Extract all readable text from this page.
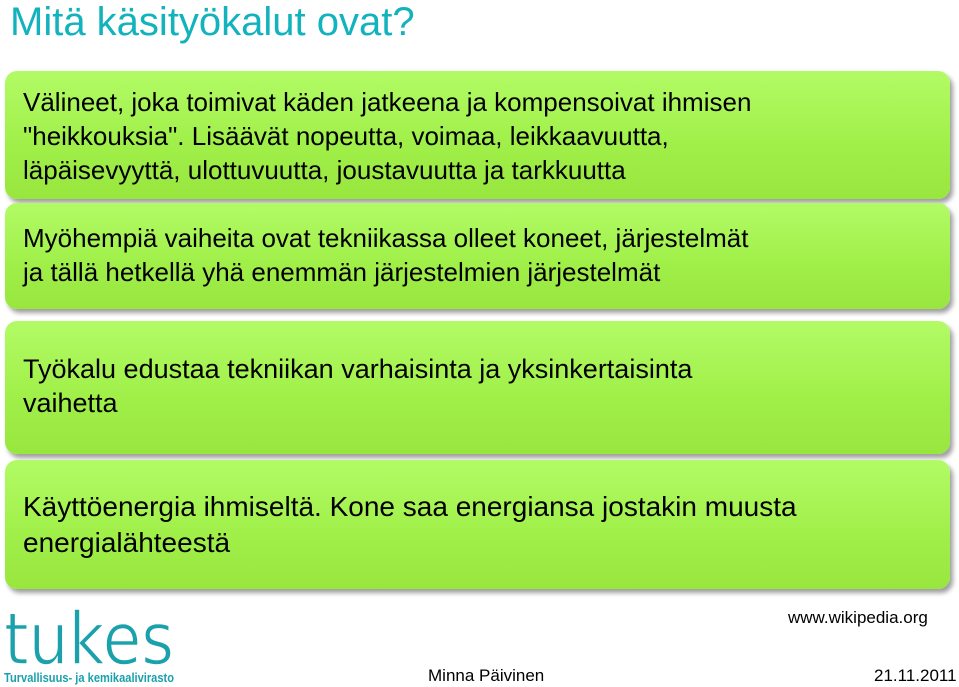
Mitä käsityökalut ovat?
Välineet, joka toimivat käden jatkeena ja kompensoivat ihmisen
"heikkouksia". Lisäävät nopeutta, voimaa, leikkaavuutta,
läpäisevyyttä, ulottuvuutta, joustavuutta ja tarkkuutta
Myöhempiä vaiheita ovat tekniikassa olleet koneet, järjestelmät
ja tällä hetkellä yhä enemmän järjestelmien järjestelmät
Työkalu edustaa tekniikan varhaisinta ja yksinkertaisinta
vaihetta
Käyttöenergia ihmiseltä. Kone saa energiansa jostakin muusta
energialähteestä
tukes
Turvallisuus- ja kemikaalivirasto
www.wikipedia.org
Minna Päivinen	21.11.2011
